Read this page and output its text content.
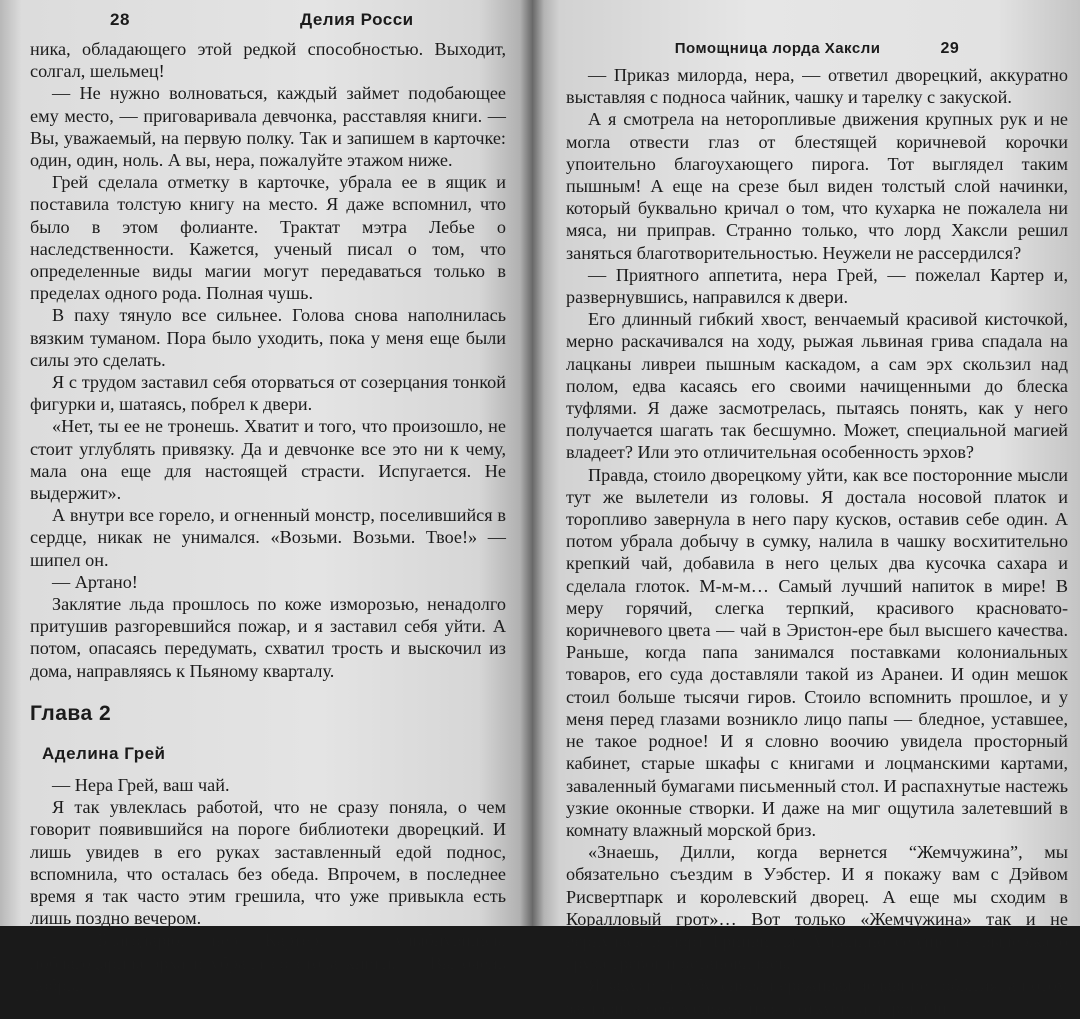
28	Делия Росси

ника, обладающего этой редкой способностью. Выходит, солгал, шельмец!

— Не нужно волноваться, каждый займет подобающее ему место, — приговаривала девчонка, расставляя книги. — Вы, уважаемый, на первую полку. Так и запишем в карточке: один, один, ноль. А вы, нера, пожалуйте этажом ниже.

Грей сделала отметку в карточке, убрала ее в ящик и поставила толстую книгу на место. Я даже вспомнил, что было в этом фолианте. Трактат мэтра Лебье о наследственности. Кажется, ученый писал о том, что определенные виды магии могут передаваться только в пределах одного рода. Полная чушь.

В паху тянуло все сильнее. Голова снова наполнилась вязким туманом. Пора было уходить, пока у меня еще были силы это сделать.

Я с трудом заставил себя оторваться от созерцания тонкой фигурки и, шатаясь, побрел к двери.

«Нет, ты ее не тронешь. Хватит и того, что произошло, не стоит углублять привязку. Да и девчонке все это ни к чему, мала она еще для настоящей страсти. Испугается. Не выдержит».

А внутри все горело, и огненный монстр, поселившийся в сердце, никак не унимался. «Возьми. Возьми. Твое!» — шипел он.

— Артано!

Заклятие льда прошлось по коже изморозью, ненадолго притушив разгоревшийся пожар, и я заставил себя уйти. А потом, опасаясь передумать, схватил трость и выскочил из дома, направляясь к Пьяному кварталу.

Глава 2
Аделина Грей

— Нера Грей, ваш чай.

Я так увлеклась работой, что не сразу поняла, о чем говорит появившийся на пороге библиотеки дворецкий. И лишь увидев в его руках заставленный едой поднос, вспомнила, что осталась без обеда. Впрочем, в последнее время я так часто этим грешила, что уже привыкла есть лишь поздно вечером.

— Благодарю, нер Картер, — улыбнувшись, поблагодарила эрха и убрала со стола книги. — Вы очень добры.

Помощница лорда Хаксли	29

— Приказ милорда, нера, — ответил дворецкий, аккуратно выставляя с подноса чайник, чашку и тарелку с закуской.

А я смотрела на неторопливые движения крупных рук и не могла отвести глаз от блестящей коричневой корочки упоительно благоухающего пирога. Тот выглядел таким пышным! А еще на срезе был виден толстый слой начинки, который буквально кричал о том, что кухарка не пожалела ни мяса, ни приправ. Странно только, что лорд Хаксли решил заняться благотворительностью. Неужели не рассердился?

— Приятного аппетита, нера Грей, — пожелал Картер и, развернувшись, направился к двери.

Его длинный гибкий хвост, венчаемый красивой кисточкой, мерно раскачивался на ходу, рыжая львиная грива спадала на лацканы ливреи пышным каскадом, а сам эрх скользил над полом, едва касаясь его своими начищенными до блеска туфлями. Я даже засмотрелась, пытаясь понять, как у него получается шагать так бесшумно. Может, специальной магией владеет? Или это отличительная особенность эрхов?

Правда, стоило дворецкому уйти, как все посторонние мысли тут же вылетели из головы. Я достала носовой платок и торопливо завернула в него пару кусков, оставив себе один. А потом убрала добычу в сумку, налила в чашку восхитительно крепкий чай, добавила в него целых два кусочка сахара и сделала глоток. М-м-м… Самый лучший напиток в мире! В меру горячий, слегка терпкий, красивого красновато-коричневого цвета — чай в Эристон-ере был высшего качества. Раньше, когда папа занимался поставками колониальных товаров, его суда доставляли такой из Аранеи. И один мешок стоил больше тысячи гиров. Стоило вспомнить прошлое, и у меня перед глазами возникло лицо папы — бледное, уставшее, не такое родное! И я словно воочию увидела просторный кабинет, старые шкафы с книгами и лоцманскими картами, заваленный бумагами письменный стол. И распахнутые настежь узкие оконные створки. И даже на миг ощутила залетевший в комнату влажный морской бриз.

«Знаешь, Дилли, когда вернется “Жемчужина”, мы обязательно съездим в Уэбстер. И я покажу вам с Дэйвом Рисвертпарк и королевский дворец. А еще мы сходим в Коралловый грот»… Вот только «Жемчужина» так и не вернулась в порт Гринвилля. А папино сердце не выдержало груза тревог и остановилось.

Я закусила губу, снова переживая недавние события, а потом заставила себя успокоиться и откусила пирог. Он
